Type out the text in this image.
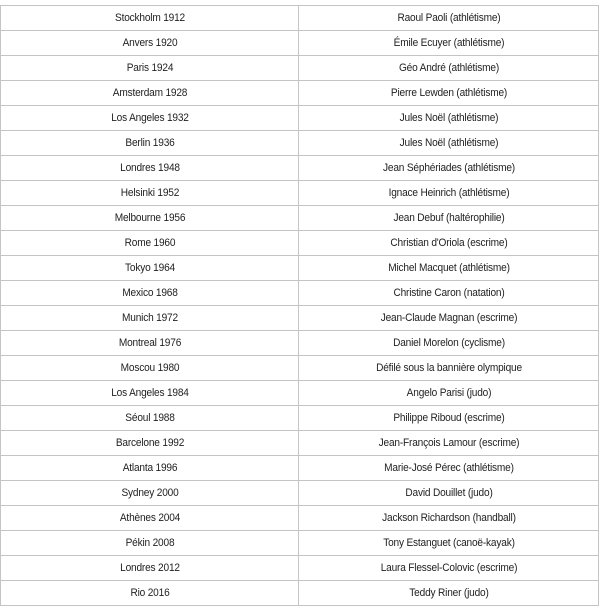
Stockholm 1912	Raoul Paoli (athlétisme)
Anvers 1920	Émile Ecuyer (athlétisme)
Paris 1924	Géo André (athlétisme)
Amsterdam 1928	Pierre Lewden (athlétisme)
Los Angeles 1932	Jules Noël (athlétisme)
Berlin 1936	Jules Noël (athlétisme)
Londres 1948	Jean Séphériades (athlétisme)
Helsinki 1952	Ignace Heinrich (athlétisme)
Melbourne 1956	Jean Debuf (haltérophilie)
Rome 1960	Christian d'Oriola (escrime)
Tokyo 1964	Michel Macquet (athlétisme)
Mexico 1968	Christine Caron (natation)
Munich 1972	Jean-Claude Magnan (escrime)
Montreal 1976	Daniel Morelon (cyclisme)
Moscou 1980	Défilé sous la bannière olympique
Los Angeles 1984	Angelo Parisi (judo)
Séoul 1988	Philippe Riboud (escrime)
Barcelone 1992	Jean-François Lamour (escrime)
Atlanta 1996	Marie-José Pérec (athlétisme)
Sydney 2000	David Douillet (judo)
Athènes 2004	Jackson Richardson (handball)
Pékin 2008	Tony Estanguet (canoë-kayak)
Londres 2012	Laura Flessel-Colovic (escrime)
Rio 2016	Teddy Riner (judo)
